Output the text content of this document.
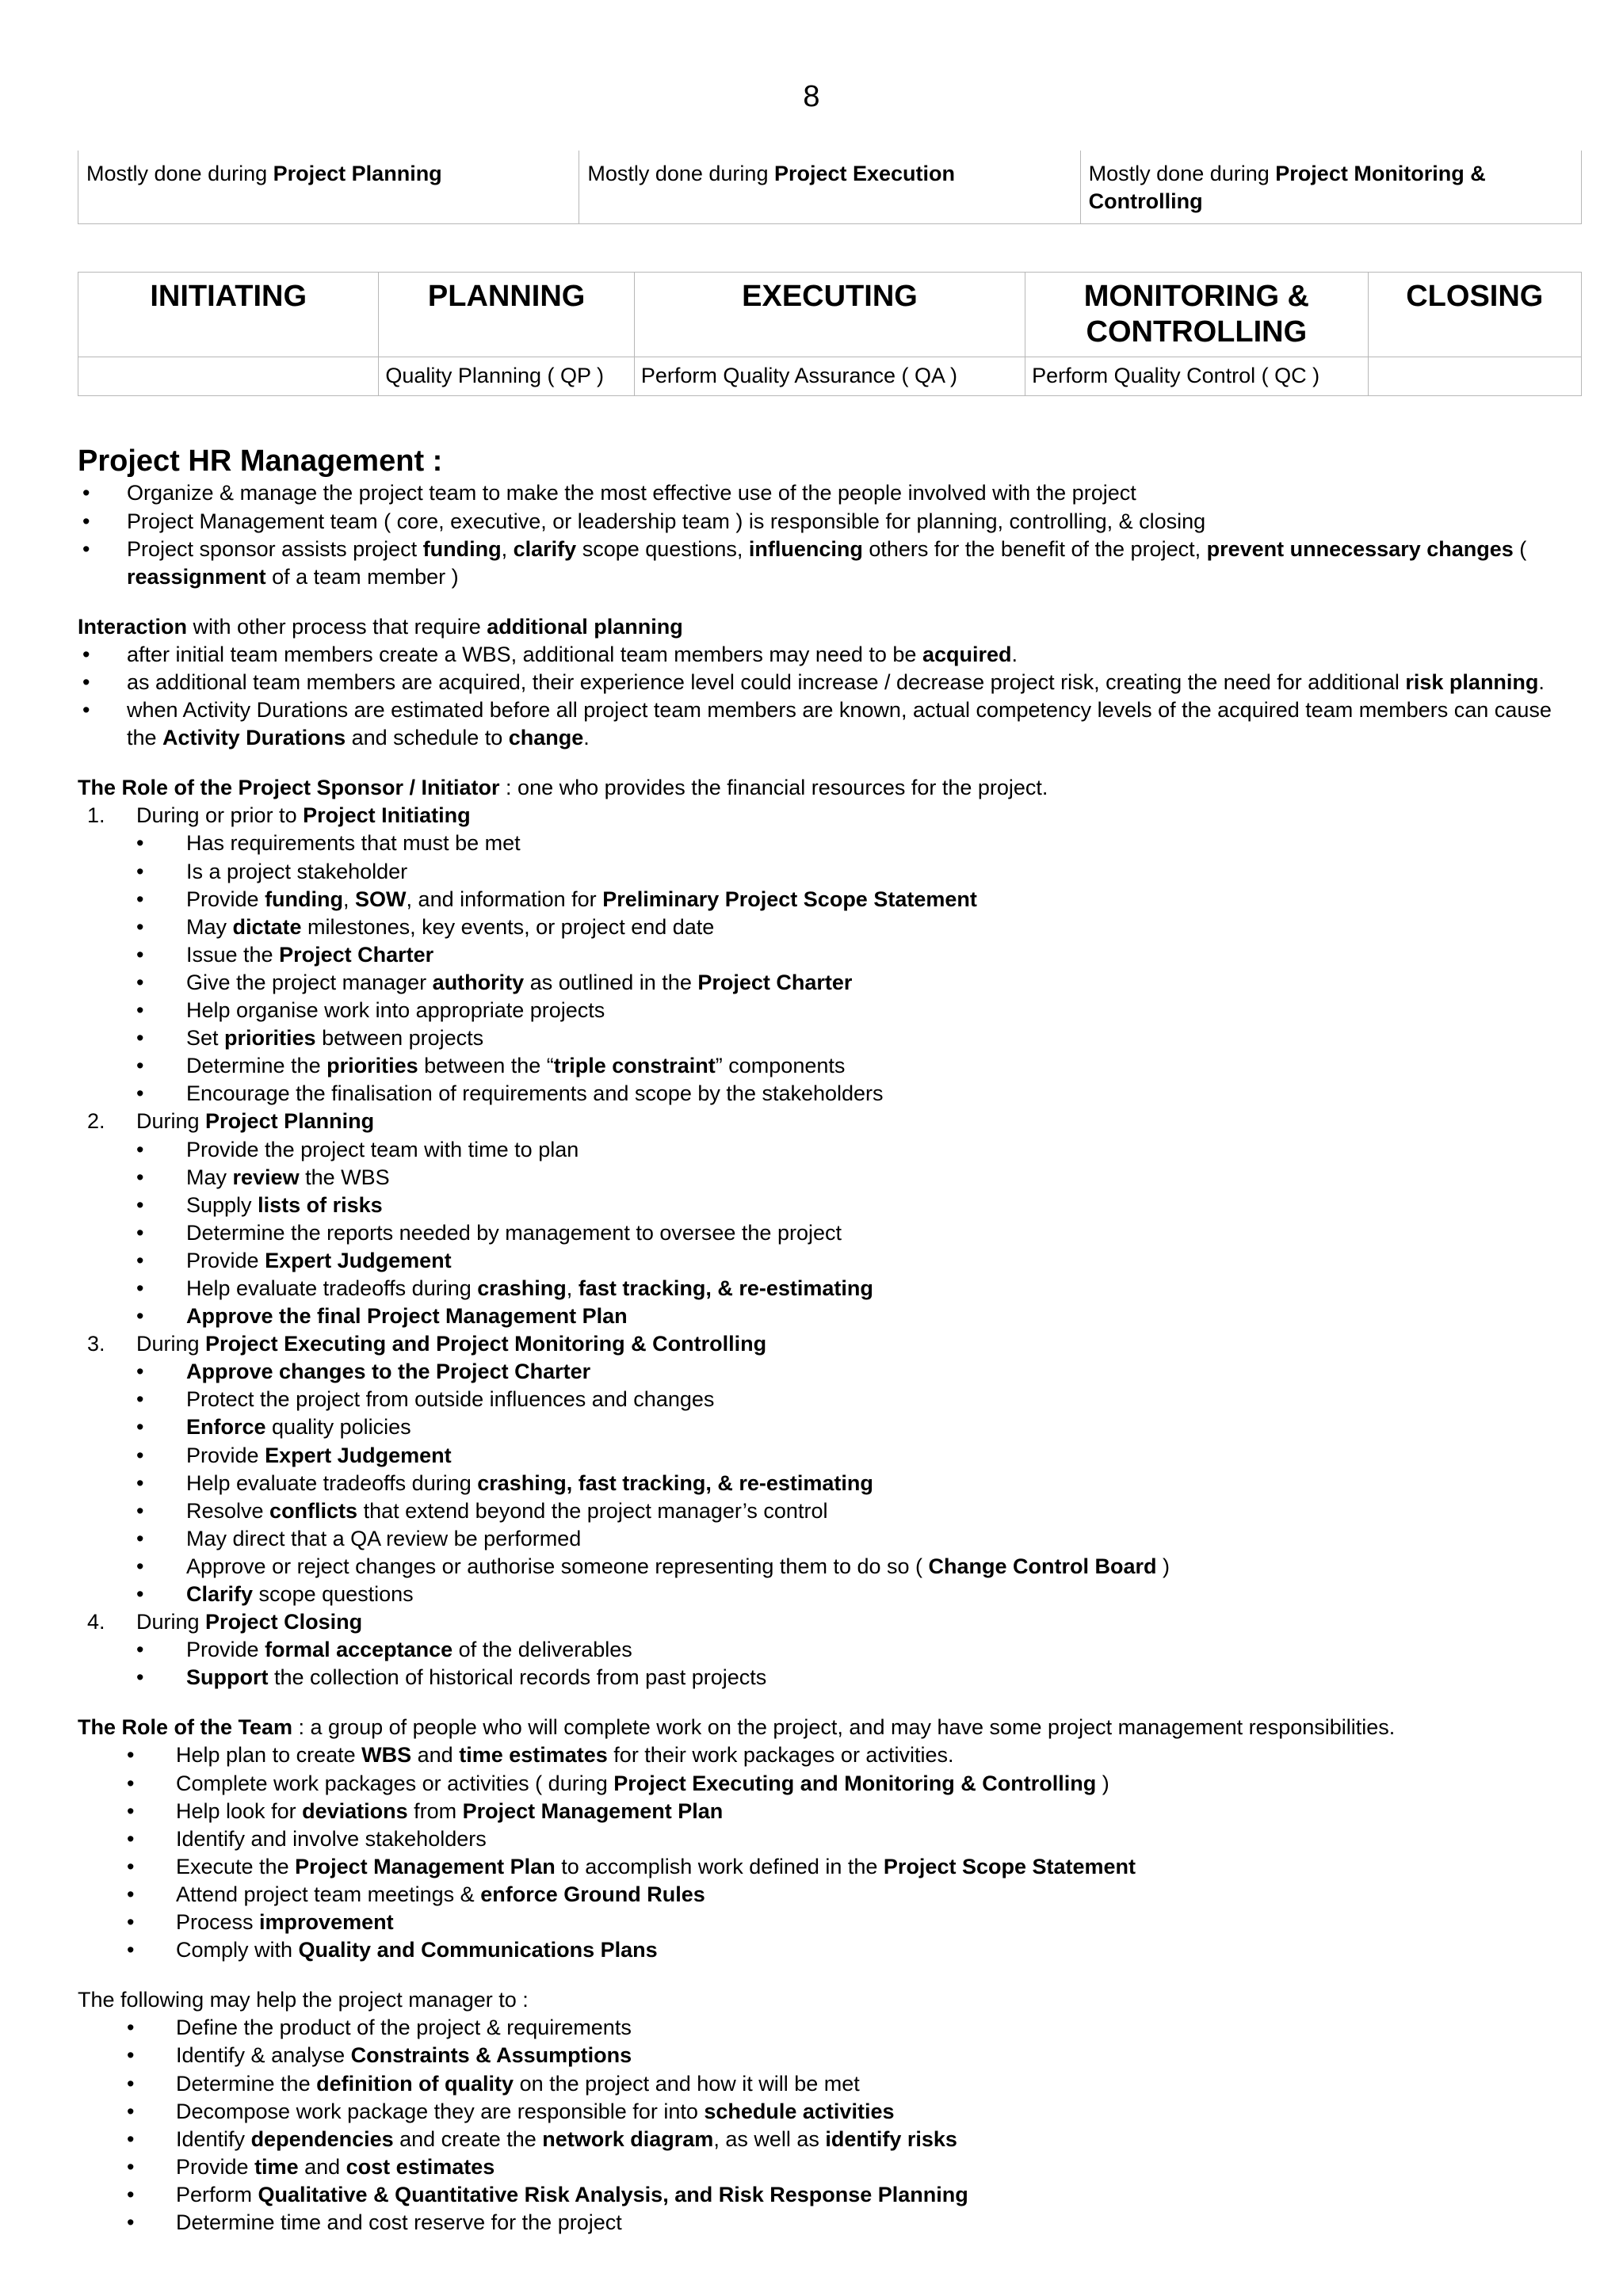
8
Mostly done during Project Planning	Mostly done during Project Execution	Mostly done during Project Monitoring & Controlling
INITIATING	PLANNING	EXECUTING	MONITORING & CONTROLLING	CLOSING
	Quality Planning ( QP )	Perform Quality Assurance ( QA )	Perform Quality Control ( QC )	
Project HR Management :
• Organize & manage the project team to make the most effective use of the people involved with the project
• Project Management team ( core, executive, or leadership team ) is responsible for planning, controlling, & closing
• Project sponsor assists project funding, clarify scope questions, influencing others for the benefit of the project, prevent unnecessary changes ( reassignment of a team member )

Interaction with other process that require additional planning

• after initial team members create a WBS, additional team members may need to be acquired.
• as additional team members are acquired, their experience level could increase / decrease project risk, creating the need for additional risk planning.
• when Activity Durations are estimated before all project team members are known, actual competency levels of the acquired team members can cause the Activity Durations and schedule to change.

The Role of the Project Sponsor / Initiator : one who provides the financial resources for the project.

1. During or prior to Project Initiating
• Has requirements that must be met
• Is a project stakeholder
• Provide funding, SOW, and information for Preliminary Project Scope Statement
• May dictate milestones, key events, or project end date
• Issue the Project Charter
• Give the project manager authority as outlined in the Project Charter
• Help organise work into appropriate projects
• Set priorities between projects
• Determine the priorities between the “triple constraint” components
• Encourage the finalisation of requirements and scope by the stakeholders
2. During Project Planning
• Provide the project team with time to plan
• May review the WBS
• Supply lists of risks
• Determine the reports needed by management to oversee the project
• Provide Expert Judgement
• Help evaluate tradeoffs during crashing, fast tracking, & re-estimating
• Approve the final Project Management Plan
3. During Project Executing and Project Monitoring & Controlling
• Approve changes to the Project Charter
• Protect the project from outside influences and changes
• Enforce quality policies
• Provide Expert Judgement
• Help evaluate tradeoffs during crashing, fast tracking, & re-estimating
• Resolve conflicts that extend beyond the project manager’s control
• May direct that a QA review be performed
• Approve or reject changes or authorise someone representing them to do so ( Change Control Board )
• Clarify scope questions
4. During Project Closing
• Provide formal acceptance of the deliverables
• Support the collection of historical records from past projects

The Role of the Team : a group of people who will complete work on the project, and may have some project management responsibilities.

• Help plan to create WBS and time estimates for their work packages or activities.
• Complete work packages or activities ( during Project Executing and Monitoring & Controlling )
• Help look for deviations from Project Management Plan
• Identify and involve stakeholders
• Execute the Project Management Plan to accomplish work defined in the Project Scope Statement
• Attend project team meetings & enforce Ground Rules
• Process improvement
• Comply with Quality and Communications Plans

The following may help the project manager to :

• Define the product of the project & requirements
• Identify & analyse Constraints & Assumptions
• Determine the definition of quality on the project and how it will be met
• Decompose work package they are responsible for into schedule activities
• Identify dependencies and create the network diagram, as well as identify risks
• Provide time and cost estimates
• Perform Qualitative & Quantitative Risk Analysis, and Risk Response Planning
• Determine time and cost reserve for the project
